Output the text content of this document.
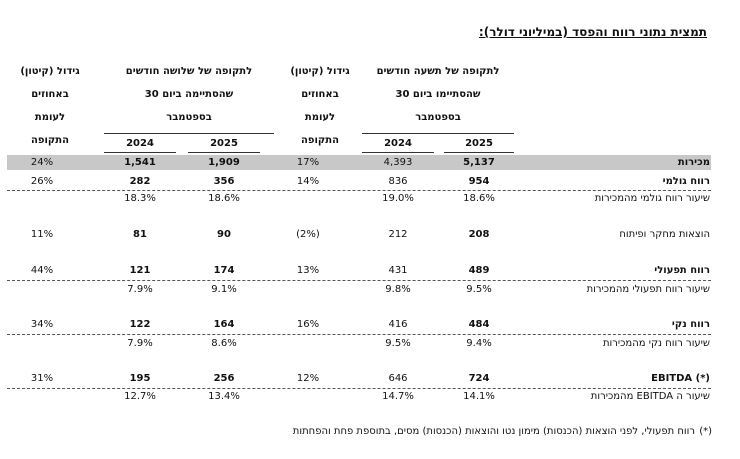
תמצית נתוני רווח והפסד (במיליוני דולר):
לתקופה של תשעה חודשים
שהסתיימו ביום 30
בספטמבר
גידול (קיטון)
באחוזים
לעומת
התקופה
לתקופה של שלושה חודשים
שהסתיימה ביום 30
בספטמבר
גידול (קיטון)
באחוזים
לעומת
התקופה	2025
2024
2025
2024
מכירות
5,137
4,393
17%
1,909
1,541
24%
רווח גולמי
954
836
14%
356
282
26%
שיעור רווח גולמי מהמכירות
18.6%
19.0%
18.6%
18.3%
הוצאות מחקר ופיתוח
208
212
(2%)
90
81
11%
רווח תפעולי
489
431
13%
174
121
44%
שיעור רווח תפעולי מהמכירות
9.5%
9.8%
9.1%
7.9%
רווח נקי
484
416
16%
164
122
34%
שיעור רווח נקי מהמכירות
9.4%
9.5%
8.6%
7.9%
EBITDA (*)
724
646
12%
256
195
31%
שיעור ה EBITDA מהמכירות
14.1%
14.7%
13.4%
12.7%
(*)
רווח תפעולי, לפני הוצאות (הכנסות) מימון נטו והוצאות (הכנסות) מסים, בתוספת פחת והפחתות
